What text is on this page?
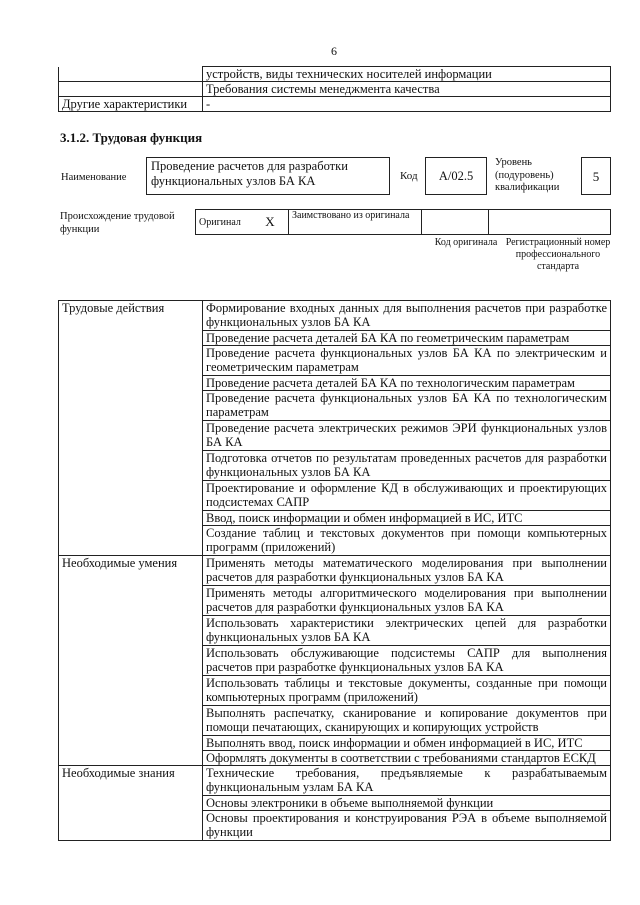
6
	устройств, виды технических носителей информации
	Требования системы менеджмента качества
Другие характеристики	-
3.1.2. Трудовая функция
Наименование
Проведение расчетов для разработки функциональных узлов БА КА	Код	A/02.5
Уровень (подуровень) квалификации
5
Происхождение трудовой функции
Оригинал	X	Заимствовано из оригинала		
Код оригинала Регистрационный номер профессионального стандарта
Трудовые действия	Формирование входных данных для выполнения расчетов при разработке функциональных узлов БА КА
	Проведение расчета деталей БА КА по геометрическим параметрам
	Проведение расчета функциональных узлов БА КА по электрическим и геометрическим параметрам
	Проведение расчета деталей БА КА по технологическим параметрам
	Проведение расчета функциональных узлов БА КА по технологическим параметрам
	Проведение расчета электрических режимов ЭРИ функциональных узлов БА КА
	Подготовка отчетов по результатам проведенных расчетов для разработки функциональных узлов БА КА
	Проектирование и оформление КД в обслуживающих и проектирующих подсистемах САПР
	Ввод, поиск информации и обмен информацией в ИС, ИТС
	Создание таблиц и текстовых документов при помощи компьютерных программ (приложений)
Необходимые умения	Применять методы математического моделирования при выполнении расчетов для разработки функциональных узлов БА КА
	Применять методы алгоритмического моделирования при выполнении расчетов для разработки функциональных узлов БА КА
	Использовать характеристики электрических цепей для разработки функциональных узлов БА КА
	Использовать обслуживающие подсистемы САПР для выполнения расчетов при разработке функциональных узлов БА КА
	Использовать таблицы и текстовые документы, созданные при помощи компьютерных программ (приложений)
	Выполнять распечатку, сканирование и копирование документов при помощи печатающих, сканирующих и копирующих устройств
	Выполнять ввод, поиск информации и обмен информацией в ИС, ИТС
	Оформлять документы в соответствии с требованиями стандартов ЕСКД
Необходимые знания	Технические требования, предъявляемые к разрабатываемым функциональным узлам БА КА
	Основы электроники в объеме выполняемой функции
	Основы проектирования и конструирования РЭА в объеме выполняемой функции
